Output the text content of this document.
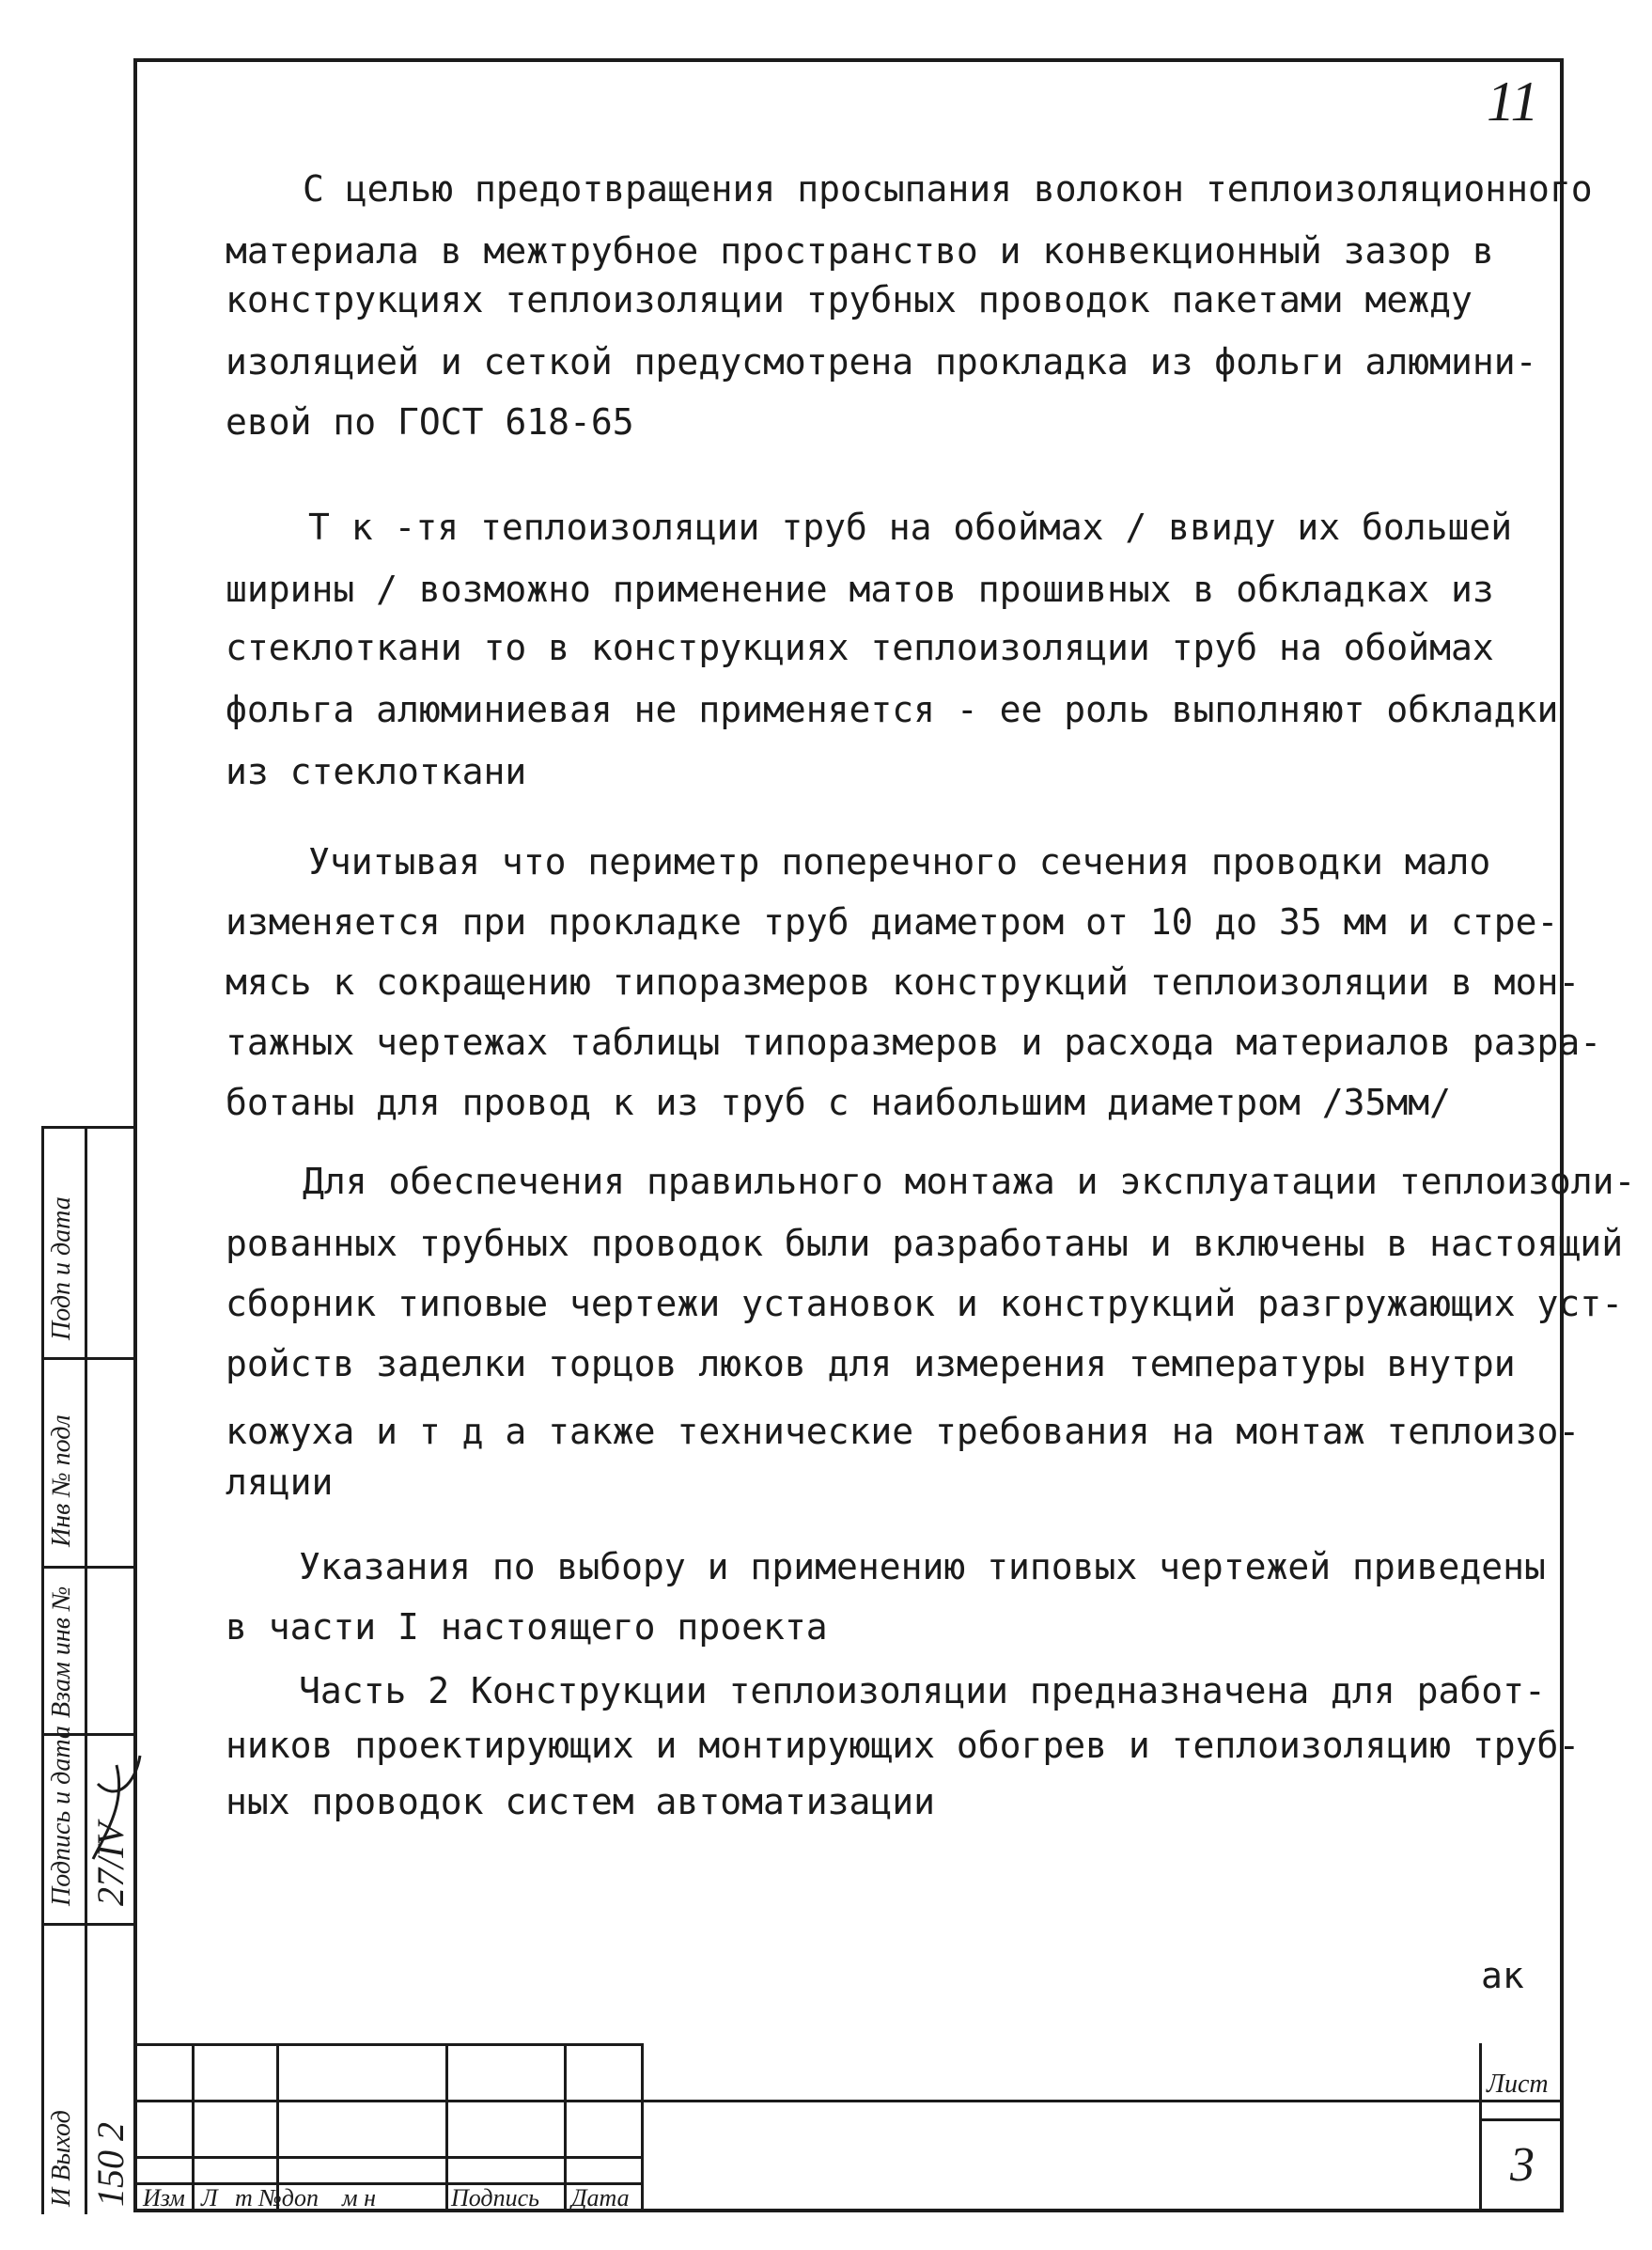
11
С целью предотвращения просыпания волокон теплоизоляционного
материала в межтрубное пространство и конвекционный зазор в
конструкциях теплоизоляции трубных проводок пакетами между
изоляцией и сеткой предусмотрена прокладка из фольги алюмини-
евой по ГОСТ 618-65
Т к -тя теплоизоляции труб на обоймах / ввиду их большей
ширины / возможно применение матов прошивных в обкладках из
стеклоткани то в конструкциях теплоизоляции труб на обоймах
фольга алюминиевая не применяется - ее роль выполняют обкладки
из стеклоткани
Учитывая что периметр поперечного сечения проводки мало
изменяется при прокладке труб диаметром от 10 до 35 мм и стре-
мясь к сокращению типоразмеров конструкций теплоизоляции в мон-
тажных чертежах таблицы типоразмеров и расхода материалов разра-
ботаны для провод к из труб с наибольшим диаметром /35мм/
Для обеспечения правильного монтажа и эксплуатации теплоизоли-
рованных трубных проводок были разработаны и включены в настоящий
сборник типовые чертежи установок и конструкций разгружающих уст-
ройств заделки торцов люков для измерения температуры внутри
кожуха и т д а также технические требования на монтаж теплоизо-
ляции
Указания по выбору и применению типовых чертежей приведены
в части I настоящего проекта
Часть 2 Конструкции теплоизоляции предназначена для работ-
ников проектирующих и монтирующих обогрев и теплоизоляцию труб-
ных проводок систем автоматизации
ак
Изм Л т №доп м н	Подпись Дата
Лист
3
Подп и дата
Инв № подл
Взам инв №
Подпись и дата
И Выход 150 2
27/IV
